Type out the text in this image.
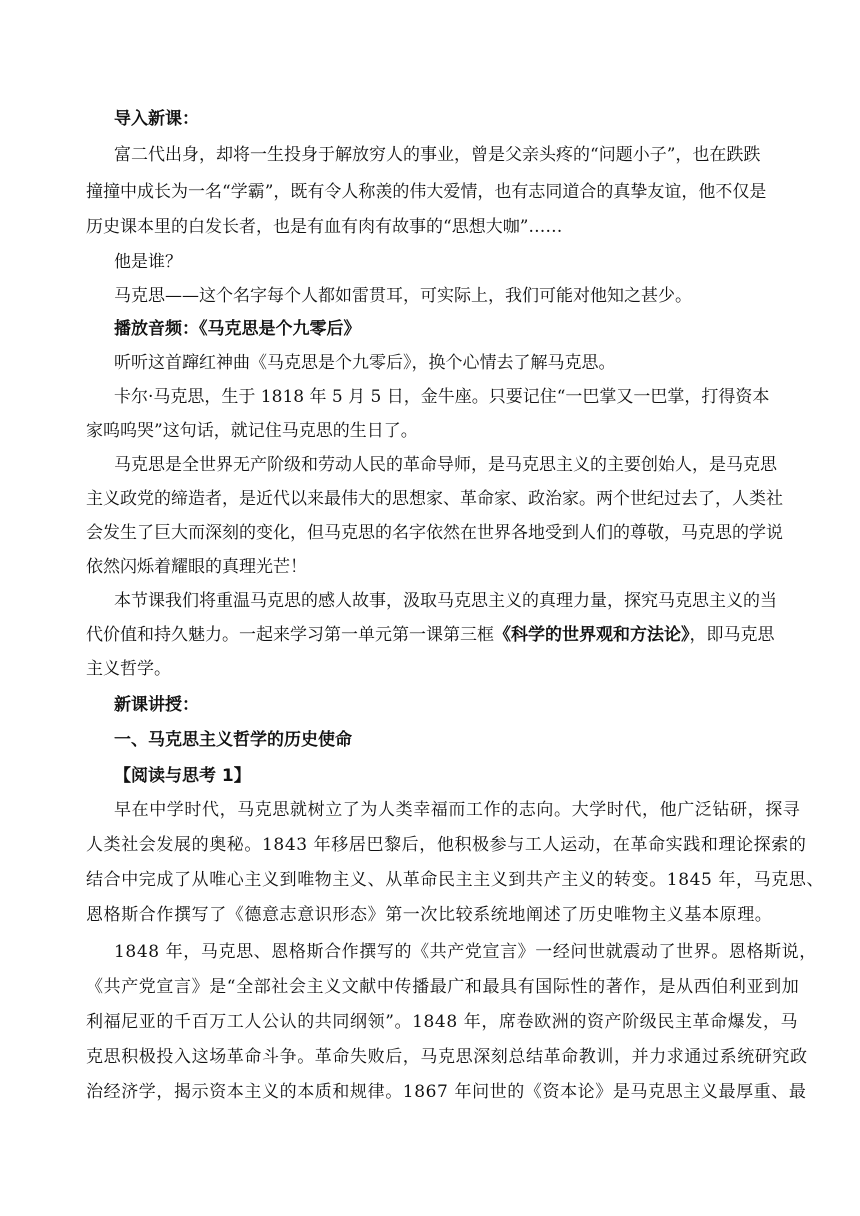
导入新课：
富二代出身，却将一生投身于解放穷人的事业，曾是父亲头疼的“问题小子”，也在跌跌
撞撞中成长为一名“学霸”，既有令人称羡的伟大爱情，也有志同道合的真挚友谊，他不仅是
历史课本里的白发长者，也是有血有肉有故事的“思想大咖”……
他是谁？
马克思——这个名字每个人都如雷贯耳，可实际上，我们可能对他知之甚少。
播放音频：《马克思是个九零后》
听听这首蹿红神曲《马克思是个九零后》，换个心情去了解马克思。
卡尔·马克思，生于 1818 年 5 月 5 日，金牛座。只要记住“一巴掌又一巴掌，打得资本
家呜呜哭”这句话，就记住马克思的生日了。
马克思是全世界无产阶级和劳动人民的革命导师，是马克思主义的主要创始人，是马克思
主义政党的缔造者，是近代以来最伟大的思想家、革命家、政治家。两个世纪过去了，人类社
会发生了巨大而深刻的变化，但马克思的名字依然在世界各地受到人们的尊敬，马克思的学说
依然闪烁着耀眼的真理光芒！
本节课我们将重温马克思的感人故事，汲取马克思主义的真理力量，探究马克思主义的当
代价值和持久魅力。一起来学习第一单元第一课第三框《科学的世界观和方法论》，即马克思
主义哲学。
新课讲授：
一、马克思主义哲学的历史使命
【阅读与思考 1】
早在中学时代，马克思就树立了为人类幸福而工作的志向。大学时代，他广泛钻研，探寻
人类社会发展的奥秘。1843 年移居巴黎后，他积极参与工人运动，在革命实践和理论探索的
结合中完成了从唯心主义到唯物主义、从革命民主主义到共产主义的转变。1845 年，马克思、
恩格斯合作撰写了《德意志意识形态》第一次比较系统地阐述了历史唯物主义基本原理。
1848 年，马克思、恩格斯合作撰写的《共产党宣言》一经问世就震动了世界。恩格斯说，
《共产党宣言》是“全部社会主义文献中传播最广和最具有国际性的著作，是从西伯利亚到加
利福尼亚的千百万工人公认的共同纲领”。1848 年，席卷欧洲的资产阶级民主革命爆发，马
克思积极投入这场革命斗争。革命失败后，马克思深刻总结革命教训，并力求通过系统研究政
治经济学，揭示资本主义的本质和规律。1867 年问世的《资本论》是马克思主义最厚重、最
